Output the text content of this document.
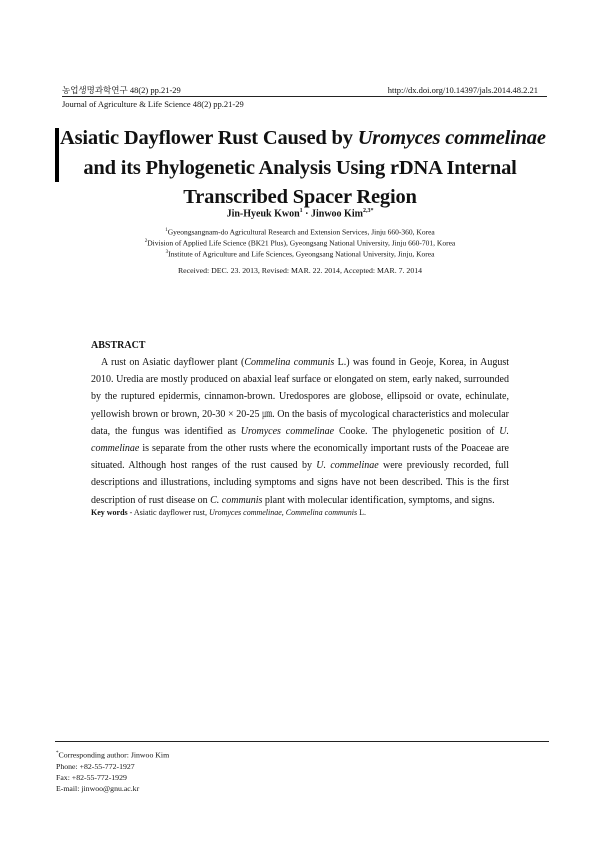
농업생명과학연구 48(2) pp.21-29	http://dx.doi.org/10.14397/jals.2014.48.2.21
Journal of Agriculture & Life Science 48(2) pp.21-29
Asiatic Dayflower Rust Caused by Uromyces commelinae
and its Phylogenetic Analysis Using rDNA Internal
Transcribed Spacer Region
Jin-Hyeuk Kwon$^1$ · Jinwoo Kim$^{2,3*}$
$^1$Gyeongsangnam-do Agricultural Research and Extension Services, Jinju 660-360, Korea
$^2$Division of Applied Life Science (BK21 Plus), Gyeongsang National University, Jinju 660-701, Korea
$^3$Institute of Agriculture and Life Sciences, Gyeongsang National University, Jinju, Korea
Received: DEC. 23. 2013, Revised: MAR. 22. 2014, Accepted: MAR. 7. 2014
ABSTRACT
A rust on Asiatic dayflower plant (Commelina communis L.) was found in Geoje, Korea, in August 2010. Uredia are mostly produced on abaxial leaf surface or elongated on stem, early naked, surrounded by the ruptured epidermis, cinnamon-brown. Uredospores are globose, ellipsoid or ovate, echinulate, yellowish brown or brown, 20-30 × 20-25 ㎛. On the basis of mycological characteristics and molecular data, the fungus was identified as Uromyces commelinae Cooke. The phylogenetic position of U. commelinae is separate from the other rusts where the economically important rusts of the Poaceae are situated. Although host ranges of the rust caused by U. commelinae were previously recorded, full descriptions and illustrations, including symptoms and signs have not been described. This is the first description of rust disease on C. communis plant with molecular identification, symptoms, and signs.
Key words - Asiatic dayflower rust, Uromyces commelinae, Commelina communis L.
*Corresponding author: Jinwoo Kim
Phone: +82-55-772-1927
Fax: +82-55-772-1929
E-mail: jinwoo@gnu.ac.kr
